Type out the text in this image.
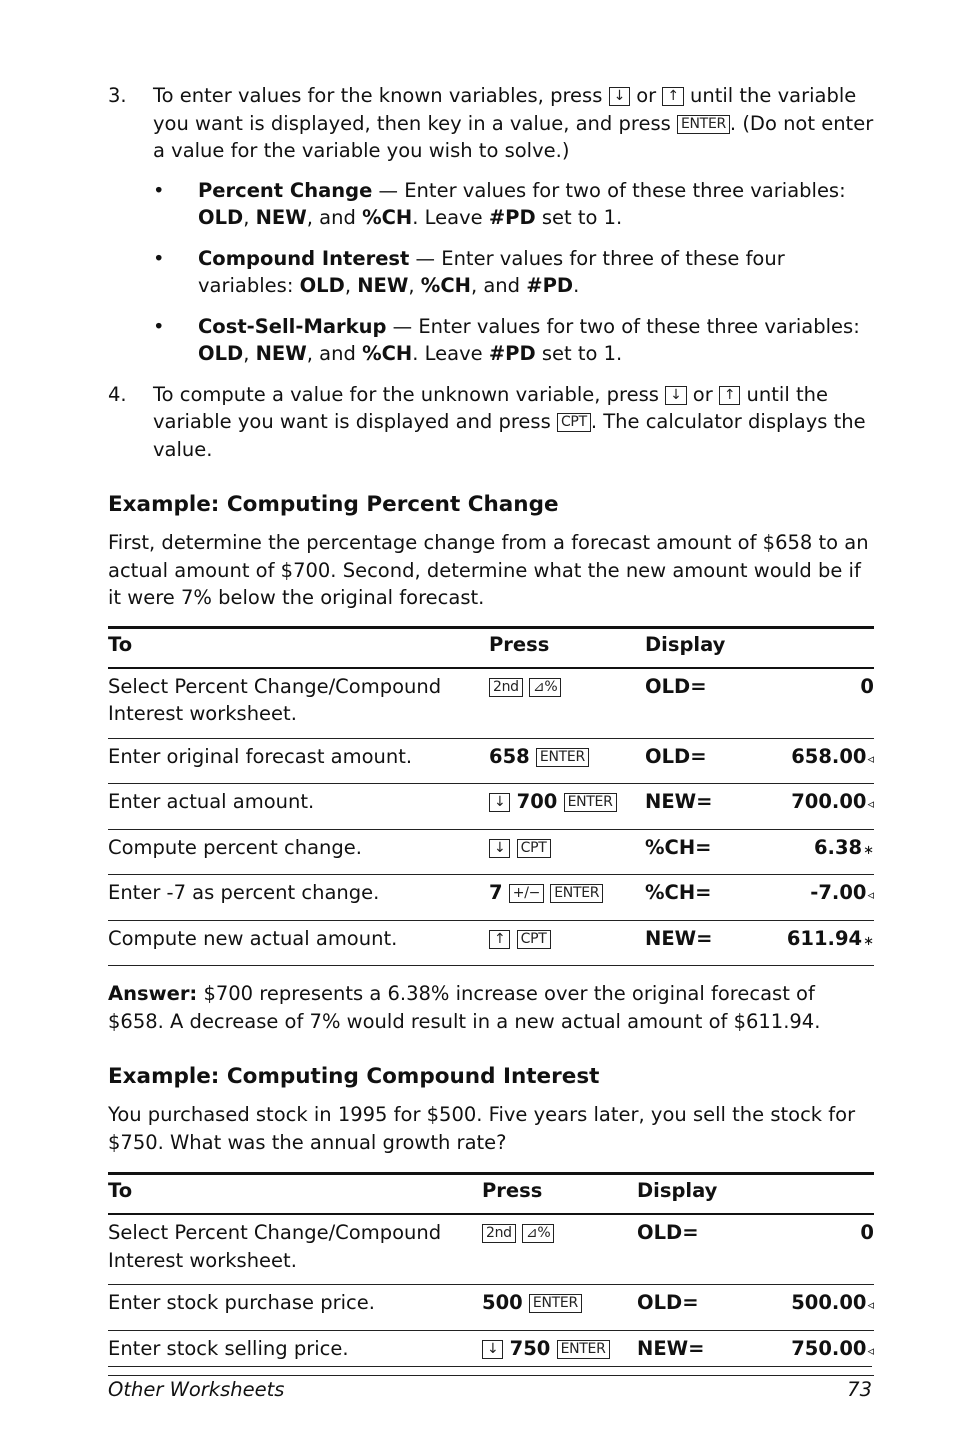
3. To enter values for the known variables, press ↓ or ↑ until the variable you want is displayed, then key in a value, and press ENTER . (Do not enter a value for the variable you wish to solve.)
• Percent Change — Enter values for two of these three variables: OLD, NEW, and %CH. Leave #PD set to 1.
• Compound Interest — Enter values for three of these four variables: OLD, NEW, %CH, and #PD.
• Cost-Sell-Markup — Enter values for two of these three variables: OLD, NEW, and %CH. Leave #PD set to 1.
4. To compute a value for the unknown variable, press ↓ or ↑ until the variable you want is displayed and press CPT . The calculator displays the value.
Example: Computing Percent Change

First, determine the percentage change from a forecast amount of $658 to an actual amount of $700. Second, determine what the new amount would be if it were 7% below the original forecast.

To	Press	Display	
Select Percent Change/Compound Interest worksheet.	2nd ⊿%	OLD=	0
Enter original forecast amount.	658 ENTER	OLD=	658.00◃
Enter actual amount.	↓ 700 ENTER	NEW=	700.00◃
Compute percent change.	↓ CPT	%CH=	6.38∗
Enter -7 as percent change.	7 +/− ENTER	%CH=	-7.00◃
Compute new actual amount.	↑ CPT	NEW=	611.94∗

Answer: $700 represents a 6.38% increase over the original forecast of $658. A decrease of 7% would result in a new actual amount of $611.94.

Example: Computing Compound Interest

You purchased stock in 1995 for $500. Five years later, you sell the stock for $750. What was the annual growth rate?

To	Press	Display	
Select Percent Change/Compound Interest worksheet.	2nd ⊿%	OLD=	0
Enter stock purchase price.	500 ENTER	OLD=	500.00◃
Enter stock selling price.	↓ 750 ENTER	NEW=	750.00◃
Other Worksheets	73
